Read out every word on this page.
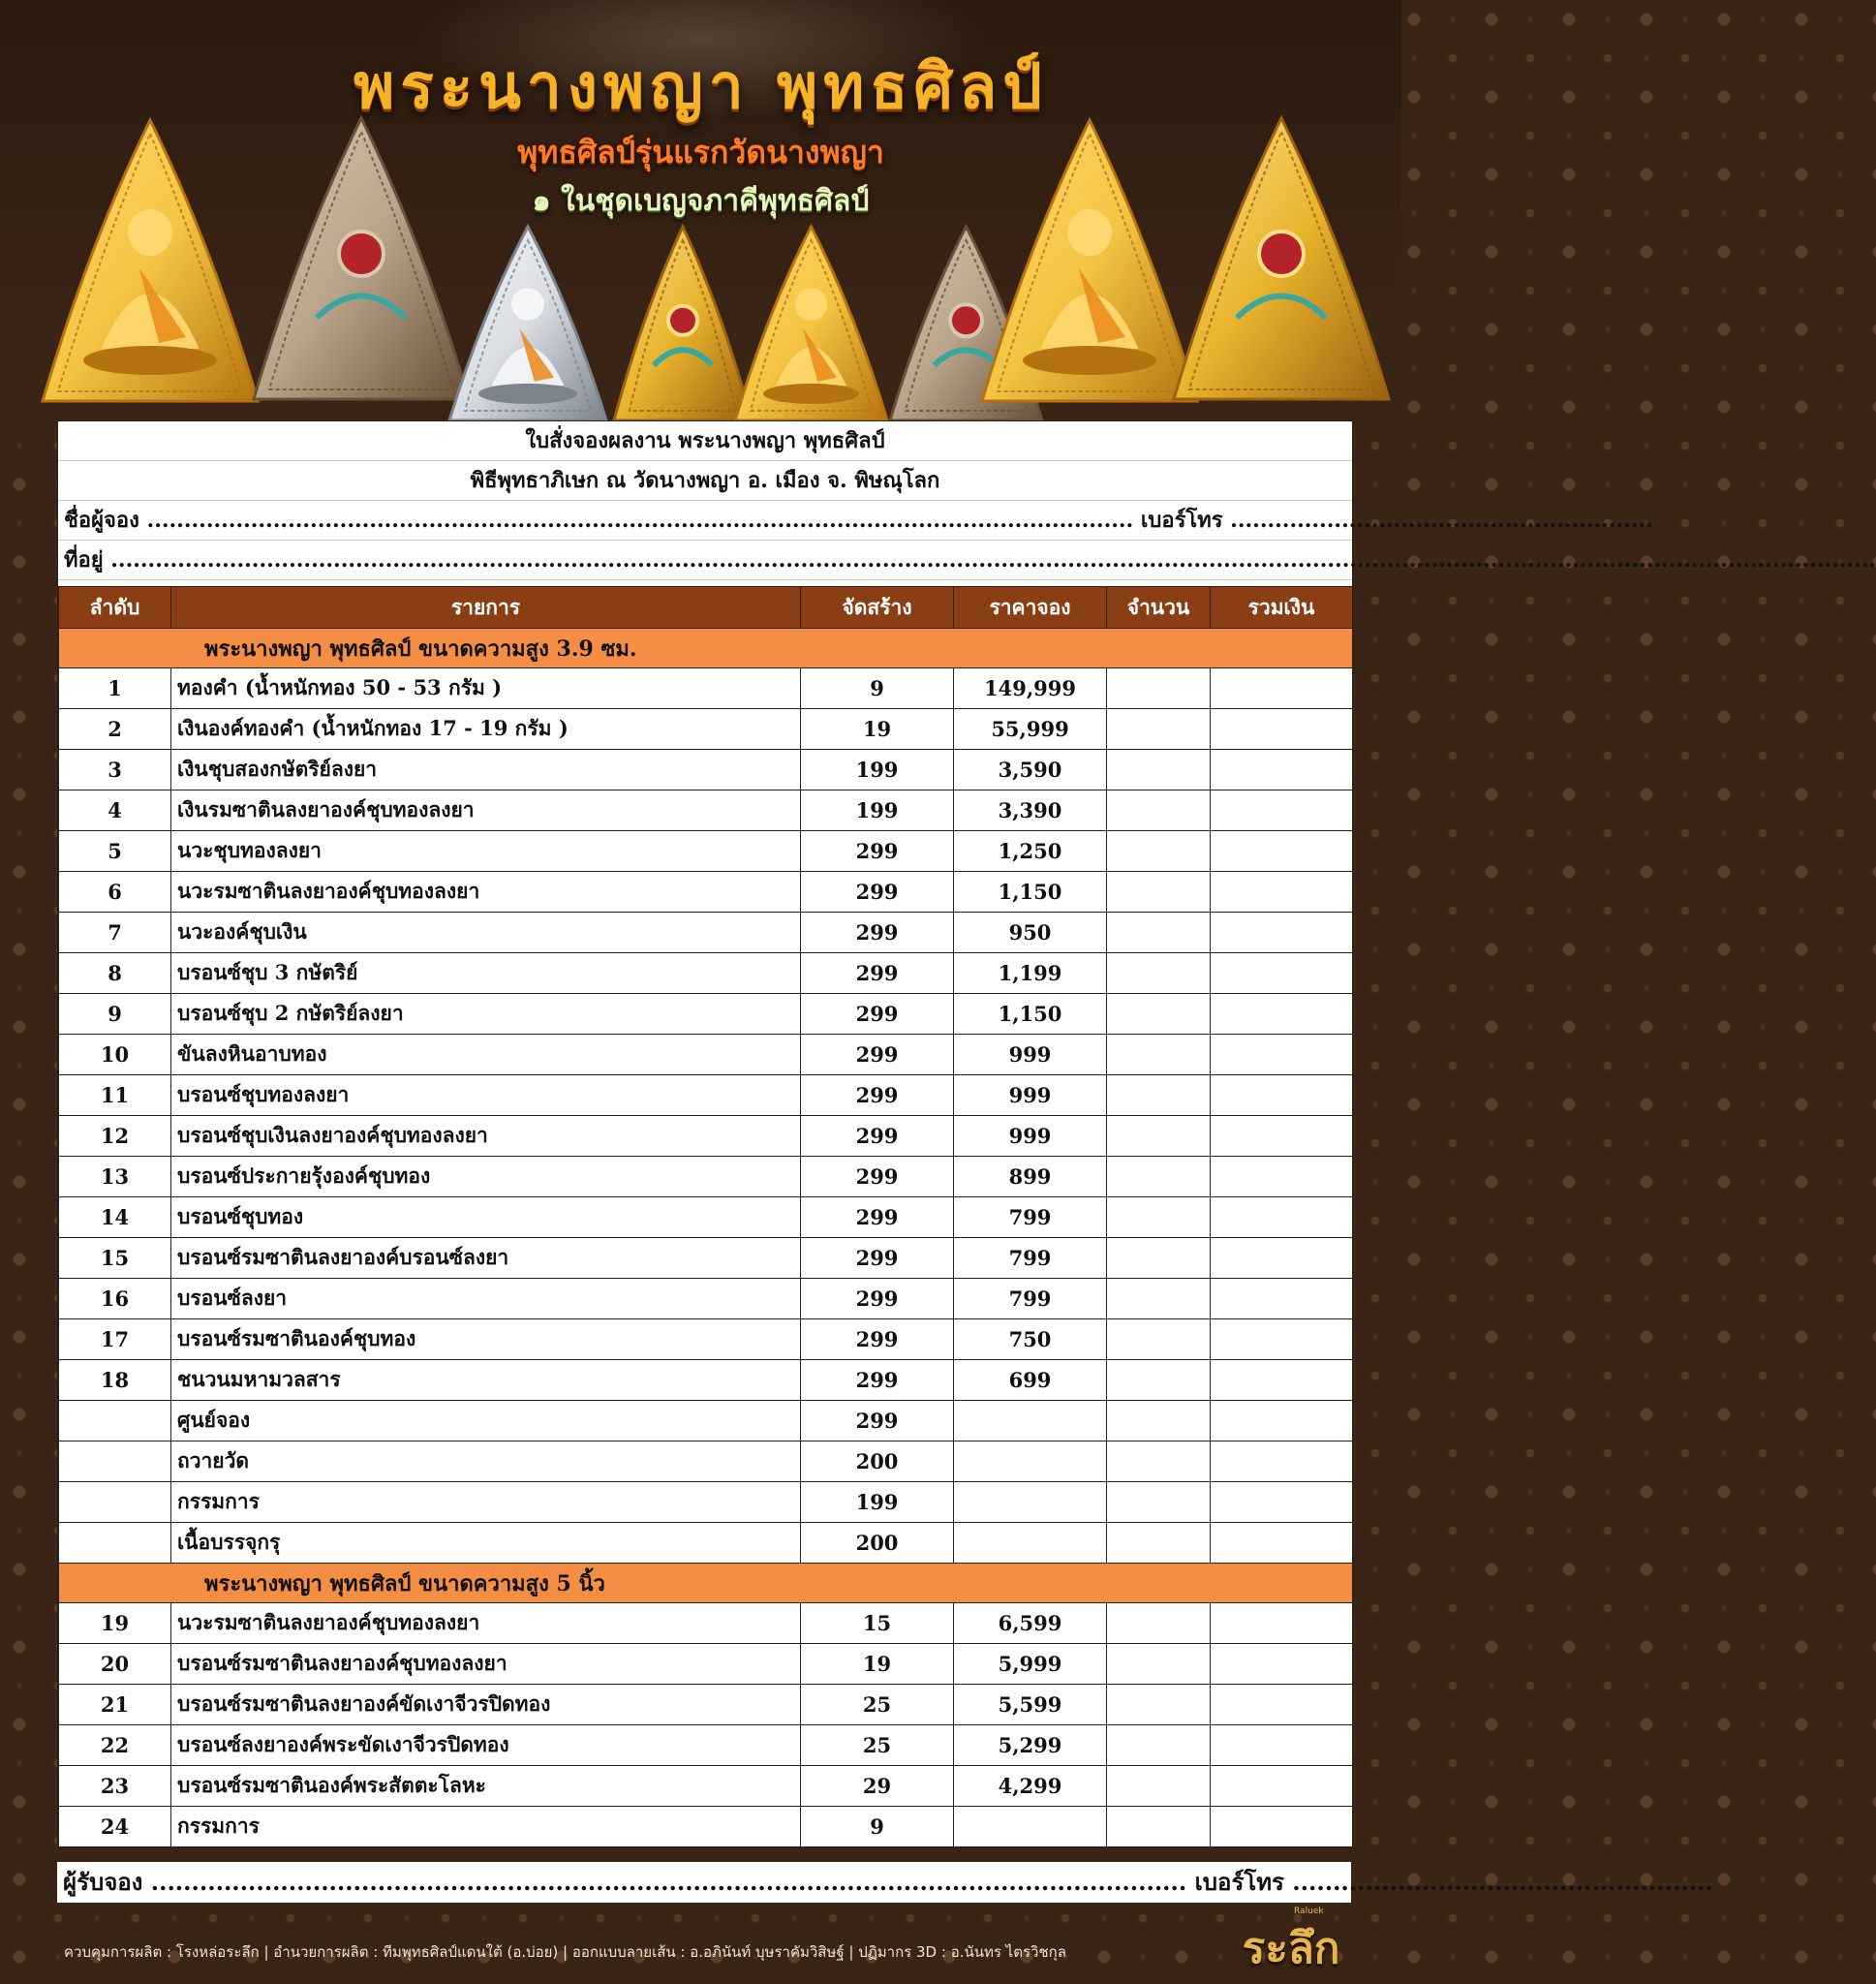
พระนางพญา พุทธศิลป์
พุทธศิลป์รุ่นแรกวัดนางพญา
๑ ในชุดเบญจภาคีพุทธศิลป์
ใบสั่งจองผลงาน พระนางพญา พุทธศิลป์
พิธีพุทธาภิเษก ณ วัดนางพญา อ. เมือง จ. พิษณุโลก
ชื่อผู้จอง ..................................................................................................................................... เบอร์โทร .........................................................
ที่อยู่ ..............................................................................................................................................................................................................................................
ลำดับ	รายการ	จัดสร้าง	ราคาจอง	จำนวน	รวมเงิน
พระนางพญา พุทธศิลป์ ขนาดความสูง 3.9 ซม.					
1	ทองคำ (น้ำหนักทอง 50 - 53 กรัม )	9	149,999		
2	เงินองค์ทองคำ (น้ำหนักทอง 17 - 19 กรัม )	19	55,999		
3	เงินชุบสองกษัตริย์ลงยา	199	3,590		
4	เงินรมซาตินลงยาองค์ชุบทองลงยา	199	3,390		
5	นวะชุบทองลงยา	299	1,250		
6	นวะรมซาตินลงยาองค์ชุบทองลงยา	299	1,150		
7	นวะองค์ชุบเงิน	299	950		
8	บรอนซ์ชุบ 3 กษัตริย์	299	1,199		
9	บรอนซ์ชุบ 2 กษัตริย์ลงยา	299	1,150		
10	ขันลงหินอาบทอง	299	999		
11	บรอนซ์ชุบทองลงยา	299	999		
12	บรอนซ์ชุบเงินลงยาองค์ชุบทองลงยา	299	999		
13	บรอนซ์ประกายรุ้งองค์ชุบทอง	299	899		
14	บรอนซ์ชุบทอง	299	799		
15	บรอนซ์รมซาตินลงยาองค์บรอนซ์ลงยา	299	799		
16	บรอนซ์ลงยา	299	799		
17	บรอนซ์รมซาตินองค์ชุบทอง	299	750		
18	ชนวนมหามวลสาร	299	699		
	ศูนย์จอง	299			
	ถวายวัด	200			
	กรรมการ	199			
	เนื้อบรรจุกรุ	200			
พระนางพญา พุทธศิลป์ ขนาดความสูง 5 นิ้ว					
19	นวะรมซาตินลงยาองค์ชุบทองลงยา	15	6,599		
20	บรอนซ์รมซาตินลงยาองค์ชุบทองลงยา	19	5,999		
21	บรอนซ์รมซาตินลงยาองค์ขัดเงาจีวรปิดทอง	25	5,599		
22	บรอนซ์ลงยาองค์พระขัดเงาจีวรปิดทอง	25	5,299		
23	บรอนซ์รมซาตินองค์พระสัตตะโลหะ	29	4,299		
24	กรรมการ	9			
ผู้รับจอง ................................................................................................................................ เบอร์โทร ....................................................
ควบคุมการผลิต : โรงหล่อระลึก | อำนวยการผลิต : ทีมพุทธศิลป์แดนใต้ (อ.บ่อย) | ออกแบบลายเส้น : อ.อภินันท์ บุษราคัมวิสิษฐ์ | ปฏิมากร 3D : อ.นันทร ไตรวิชกุล
Raluek
ระลึก
